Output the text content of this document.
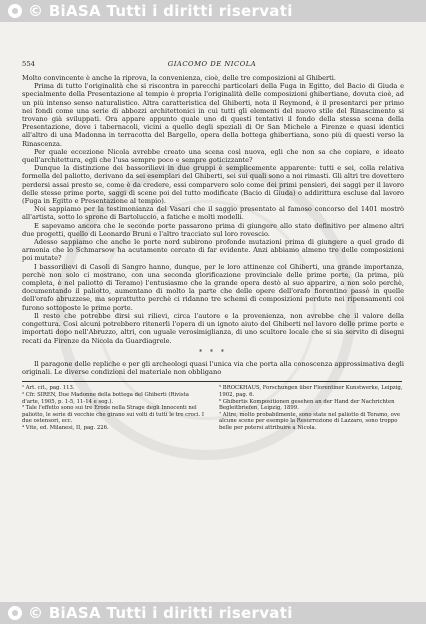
© BiASA Tutti i diritti riservati
554	GIACOMO DE NICOLA

Molto convincente è anche la riprova, la convenienza, cioè, delle tre composizioni al Ghiberti.

Prima di tutto l'originalità che si riscontra in parecchi particolari della Fuga in Egitto, del Bacio di Giuda e specialmente della Presentazione al tempio è propria l'originalità delle composizioni ghibertiane, dovuta cioè, ad un più intenso senso naturalistico. Altra caratteristica del Ghiberti, nota il Reymond, è il presentarci per primo nei fondi come una serie di abbozzi architettonici in cui tutti gli elementi del nuovo stile del Rinascimento si trovano già sviluppati. Ora appare appunto quale uno di questi tentativi il fondo della stessa scena della Presentazione, dove i tabernacoli, vicini a quello degli speziali di Or San Michele a Firenze e quasi identici all'altro di una Madonna in terracotta del Bargello, opera della bottega ghibertiana, sono più di questi verso la Rinascenza.

Per quale eccezione Nicola avrebbe creato una scena così nuova, egli che non sa che copiare, e ideato quell'architettura, egli che l'usa sempre poco e sempre goticizzante?

Dunque la distinzione dei bassorilievi in due gruppi è semplicemente apparente: tutti e sei, colla relativa formella del paliotto, derivano da sei esemplari del Ghiberti, sei sui quali sono a noi rimasti. Gli altri tre dovettero perdersi assai presto se, come è da credere, essi comparvero solo come dei primi pensieri, dei saggi per il lavoro delle stesse prime porte, saggi di scene poi del tutto modificate (Bacio di Giuda) o addirittura escluse dal lavoro (Fuga in Egitto e Presentazione al tempio).

Noi sappiamo per la testimonianza del Vasari che il saggio presentato al famoso concorso del 1401 mostrò all'artista, sotto lo sprone di Bartoluccio, a fatiche e molti modelli.

E sapevamo ancora che le seconde porte passarono prima di giungere allo stato definitivo per almeno altri due progetti, quello di Leonardo Bruni e l'altro tracciato sul loro rovescio.

Adesso sappiamo che anche le porte nord subirono profonde mutazioni prima di giungere a quel grado di armonia che lo Schmarsow ha acutamente cercato di far evidente. Anzi abbiamo almeno tre delle composizioni poi mutate?

I bassorilievi di Casoli di Sangro hanno, dunque, per le loro attinenze col Ghiberti, una grande importanza, perchè non solo ci mostrano, con una seconda glorificazione provinciale delle prime porte, (la prima, più completa, è nel paliotto di Teramo) l'entusiasmo che la grande opera destò al suo apparire, a non solo perchè, documentando il paliotto, aumentano di molto la parte che delle opere dell'orafo fiorentino passò in quelle dell'orafo abruzzese, ma soprattutto perchè ci ridanno tre schemi di composizioni perdute nei ripensamenti coi furono sottoposte le prime porte.

Il resto che potrebbe dirsi sui rilievi, circa l'autore e la provenienza, non avrebbe che il valore della congettura. Così alcuni potrebbero ritenerli l'opera di un ignoto aiuto del Ghiberti nel lavoro delle prime porte e importati dopo nell'Abruzzo, altri, con uguale verosimiglianza, di uno scultore locale che si sia servito di disegni recati da Firenze da Nicola da Guardiagrele.

* * *

Il paragone delle repliche e per gli archeologi quasi l'unica via che porta alla conoscenza approssimativa degli originali. Le diverse condizioni del materiale non obbligano

¹ Art. cit., pag. 113.
² Cfr. SIREN, Due Madonne della bottega del Ghiberti (Rivista d'arte, 1905, p. 1-5, 11-14 e seg.).
³ Tale l'effetto sono sui tre Erode nella Strage degli Innocenti nel paliotto, le serie di vecchie che girano sui volti di tutti le tre croci. I due ostensori, ecc.
⁴ Vite, ed. Milanesi, II, pag. 226.
⁵ BROCKHAUS, Forschungen über Florentiner Kunstwerke, Leipzig, 1902, pag. 6.
⁶ Ghibertis Kompositionen gesehen an der Hand der Nachrichten Begleitbriefen, Leipzig, 1899.
⁷ Altre, molto probabilmente, sono state nel paliotto di Teramo, ove alcune scene per esempio la Resurrezione di Lazzaro, sono troppo belle per potersi attribuire a Nicola.
© BiASA Tutti i diritti riservati
